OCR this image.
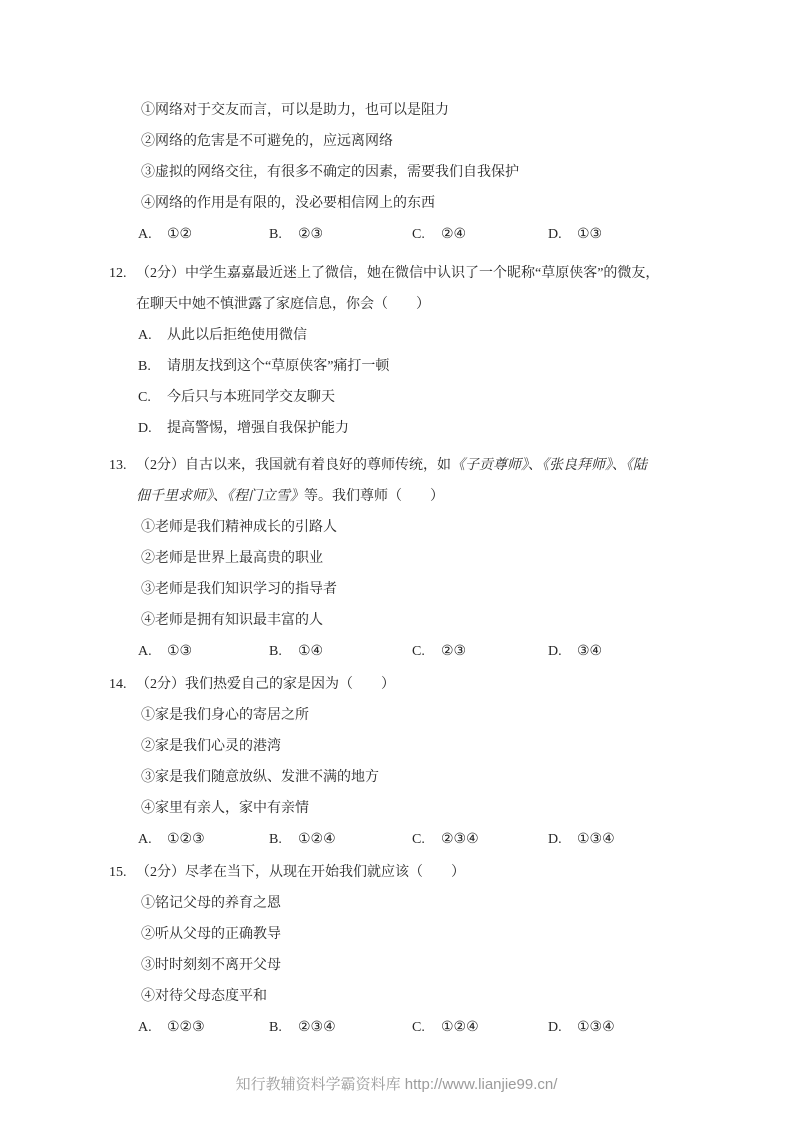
①网络对于交友而言，可以是助力，也可以是阻力
②网络的危害是不可避免的，应远离网络
③虚拟的网络交往，有很多不确定的因素，需要我们自我保护
④网络的作用是有限的，没必要相信网上的东西
A. ①②	B. ②③	C. ②④	D. ①③
12. （2分）中学生嘉嘉最近迷上了微信，她在微信中认识了一个昵称“草原侠客”的微友，
在聊天中她不慎泄露了家庭信息，你会（　　）
A. 从此以后拒绝使用微信
B. 请朋友找到这个“草原侠客”痛打一顿
C. 今后只与本班同学交友聊天
D. 提高警惕，增强自我保护能力
13. （2分）自古以来，我国就有着良好的尊师传统，如《子贡尊师》、《张良拜师》、《陆
佃千里求师》、《程门立雪》等。我们尊师（　　）
①老师是我们精神成长的引路人
②老师是世界上最高贵的职业
③老师是我们知识学习的指导者
④老师是拥有知识最丰富的人
A. ①③	B. ①④	C. ②③	D. ③④
14. （2分）我们热爱自己的家是因为（　　）
①家是我们身心的寄居之所
②家是我们心灵的港湾
③家是我们随意放纵、发泄不满的地方
④家里有亲人，家中有亲情
A. ①②③	B. ①②④	C. ②③④	D. ①③④
15. （2分）尽孝在当下，从现在开始我们就应该（　　）
①铭记父母的养育之恩
②听从父母的正确教导
③时时刻刻不离开父母
④对待父母态度平和
A. ①②③	B. ②③④	C. ①②④	D. ①③④
知行教辅资料学霸资料库 http://www.lianjie99.cn/
